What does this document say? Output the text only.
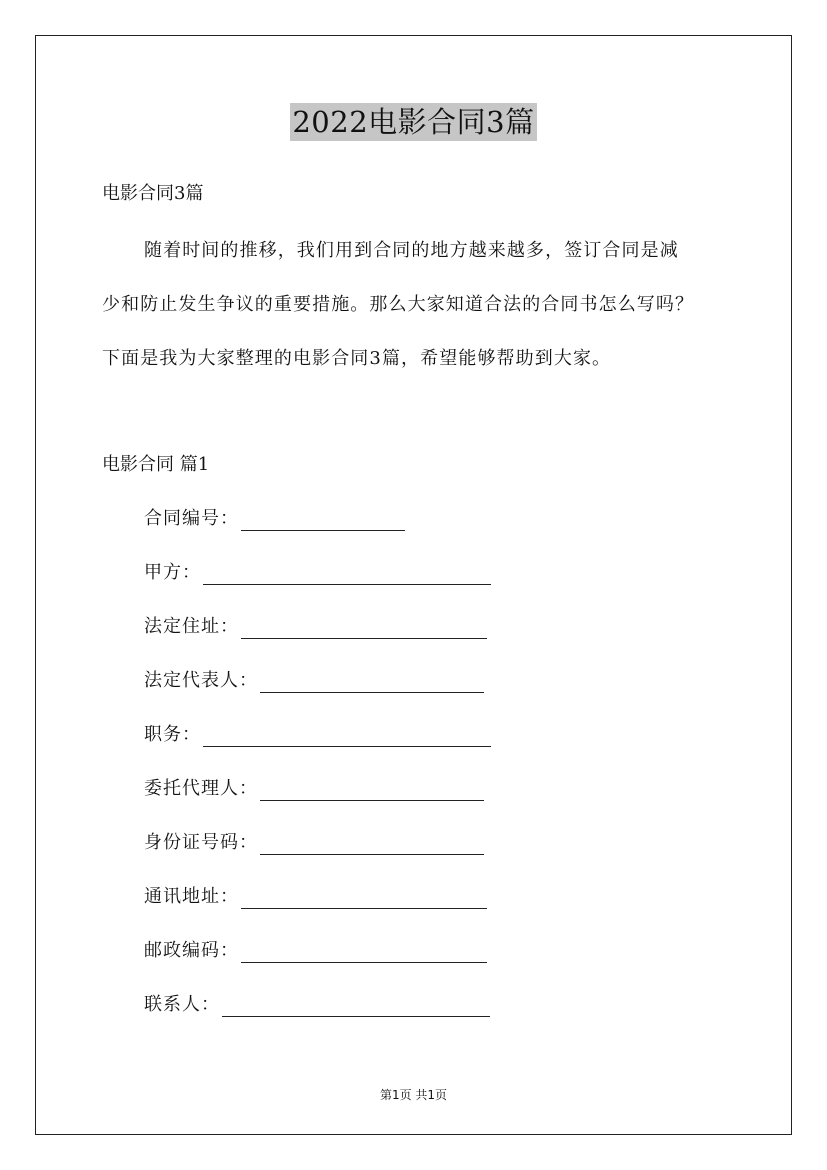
2022电影合同3篇
电影合同3篇
随着时间的推移，我们用到合同的地方越来越多，签订合同是减
少和防止发生争议的重要措施。那么大家知道合法的合同书怎么写吗？
下面是我为大家整理的电影合同3篇，希望能够帮助到大家。
电影合同 篇1
合同编号：
甲方：
法定住址：
法定代表人：
职务：
委托代理人：
身份证号码：
通讯地址：
邮政编码：
联系人：
第1页 共1页
